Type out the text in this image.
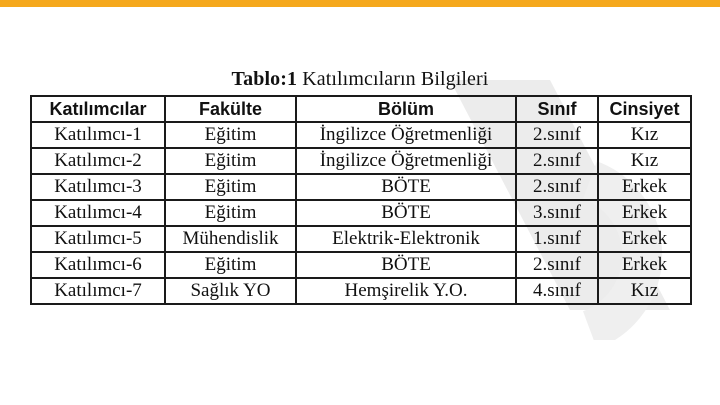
Tablo:1 Katılımcıların Bilgileri
Katılımcılar	Fakülte	Bölüm	Sınıf	Cinsiyet
Katılımcı-1	Eğitim	İngilizce Öğretmenliği	2.sınıf	Kız
Katılımcı-2	Eğitim	İngilizce Öğretmenliği	2.sınıf	Kız
Katılımcı-3	Eğitim	BÖTE	2.sınıf	Erkek
Katılımcı-4	Eğitim	BÖTE	3.sınıf	Erkek
Katılımcı-5	Mühendislik	Elektrik-Elektronik	1.sınıf	Erkek
Katılımcı-6	Eğitim	BÖTE	2.sınıf	Erkek
Katılımcı-7	Sağlık YO	Hemşirelik Y.O.	4.sınıf	Kız
